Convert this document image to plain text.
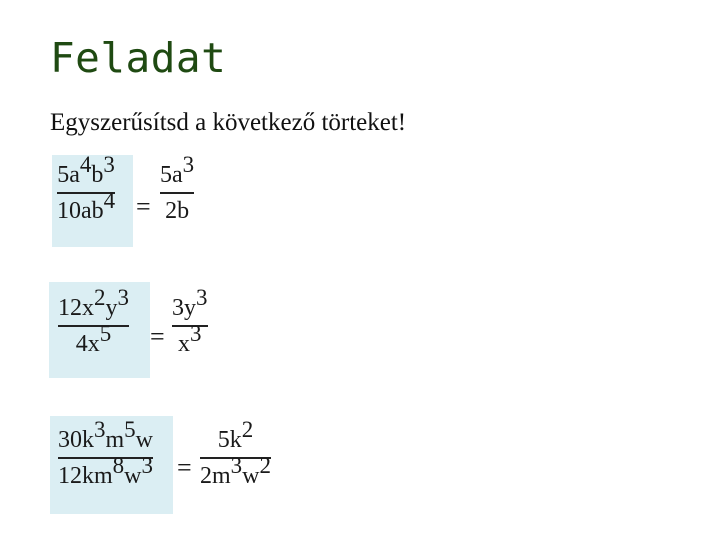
Feladat
Egyszerűsítsd a következő törteket!
$5a^4b^3$
$10ab^4$ =
$5a^3$
2b
$12x^2y^3$
$4x^5$ =
$3y^3$
$x^3$
$30k^3m^5w$
$12km^8w^3$ =
$5k^2$
$2m^3w^2$
